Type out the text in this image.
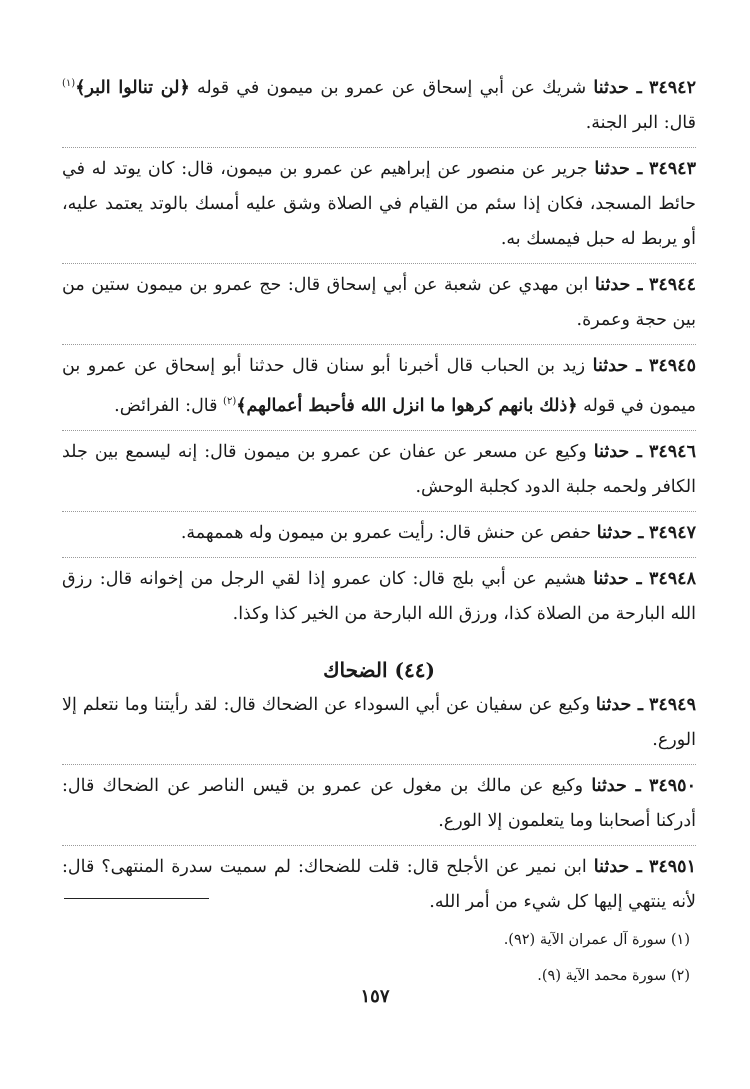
٣٤٩٤٢ ـ حدثنا شريك عن أبي إسحاق عن عمرو بن ميمون في قوله ﴿لن تنالوا البر﴾$^{(١)}$ قال: البر الجنة.

٣٤٩٤٣ ـ حدثنا جرير عن منصور عن إبراهيم عن عمرو بن ميمون، قال: كان يوتد له في حائط المسجد، فكان إذا سئم من القيام في الصلاة وشق عليه أمسك بالوتد يعتمد عليه، أو يربط له حبل فيمسك به.

٣٤٩٤٤ ـ حدثنا ابن مهدي عن شعبة عن أبي إسحاق قال: حج عمرو بن ميمون ستين من بين حجة وعمرة.

٣٤٩٤٥ ـ حدثنا زيد بن الحباب قال أخبرنا أبو سنان قال حدثنا أبو إسحاق عن عمرو بن ميمون في قوله ﴿ذلك بانهم كرهوا ما انزل الله فأحبط أعمالهم﴾$^{(٢)}$ قال: الفرائض.

٣٤٩٤٦ ـ حدثنا وكيع عن مسعر عن عفان عن عمرو بن ميمون قال: إنه ليسمع بين جلد الكافر ولحمه جلبة الدود كجلبة الوحش.

٣٤٩٤٧ ـ حدثنا حفص عن حنش قال: رأيت عمرو بن ميمون وله هممهمة.

٣٤٩٤٨ ـ حدثنا هشيم عن أبي بلج قال: كان عمرو إذا لقي الرجل من إخوانه قال: رزق الله البارحة من الصلاة كذا، ورزق الله البارحة من الخير كذا وكذا.

(٤٤) الضحاك

٣٤٩٤٩ ـ حدثنا وكيع عن سفيان عن أبي السوداء عن الضحاك قال: لقد رأيتنا وما نتعلم إلا الورع.

٣٤٩٥٠ ـ حدثنا وكيع عن مالك بن مغول عن عمرو بن قيس الناصر عن الضحاك قال: أدركنا أصحابنا وما يتعلمون إلا الورع.

٣٤٩٥١ ـ حدثنا ابن نمير عن الأجلح قال: قلت للضحاك: لم سميت سدرة المنتهى؟ قال: لأنه ينتهي إليها كل شيء من أمر الله.

(١) سورة آل عمران الآية (٩٢).

(٢) سورة محمد الآية (٩).

١٥٧
